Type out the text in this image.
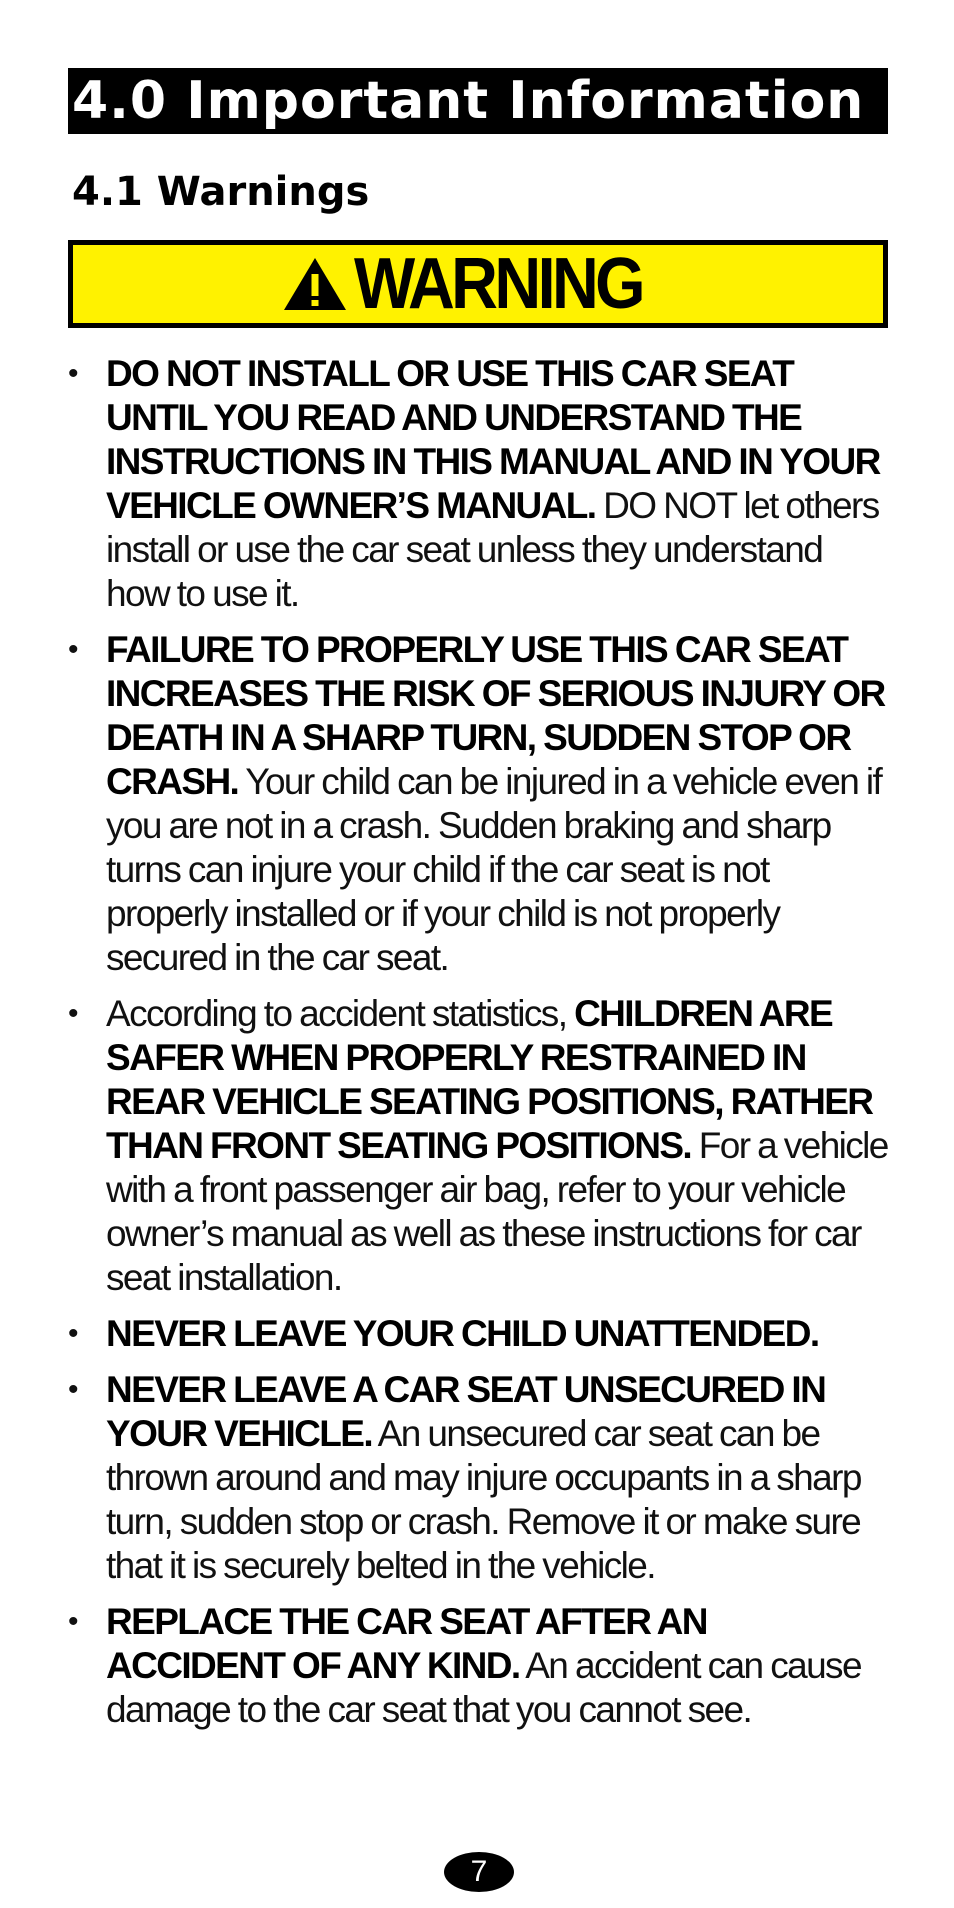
4.0 Important Information
4.1 Warnings
WARNING
• DO NOT INSTALL OR USE THIS CAR SEAT UNTIL YOU READ AND UNDERSTAND THE INSTRUCTIONS IN THIS MANUAL AND IN YOUR VEHICLE OWNER’S MANUAL. DO NOT let others install or use the car seat unless they understand how to use it.
• FAILURE TO PROPERLY USE THIS CAR SEAT INCREASES THE RISK OF SERIOUS INJURY OR DEATH IN A SHARP TURN, SUDDEN STOP OR CRASH. Your child can be injured in a vehicle even if you are not in a crash. Sudden braking and sharp turns can injure your child if the car seat is not properly installed or if your child is not properly secured in the car seat.
• According to accident statistics, CHILDREN ARE SAFER WHEN PROPERLY RESTRAINED IN REAR VEHICLE SEATING POSITIONS, RATHER THAN FRONT SEATING POSITIONS. For a vehicle with a front passenger air bag, refer to your vehicle owner’s manual as well as these instructions for car seat installation.
• NEVER LEAVE YOUR CHILD UNATTENDED.
• NEVER LEAVE A CAR SEAT UNSECURED IN YOUR VEHICLE. An unsecured car seat can be thrown around and may injure occupants in a sharp turn, sudden stop or crash. Remove it or make sure that it is securely belted in the vehicle.
• REPLACE THE CAR SEAT AFTER AN ACCIDENT OF ANY KIND. An accident can cause damage to the car seat that you cannot see.
7
